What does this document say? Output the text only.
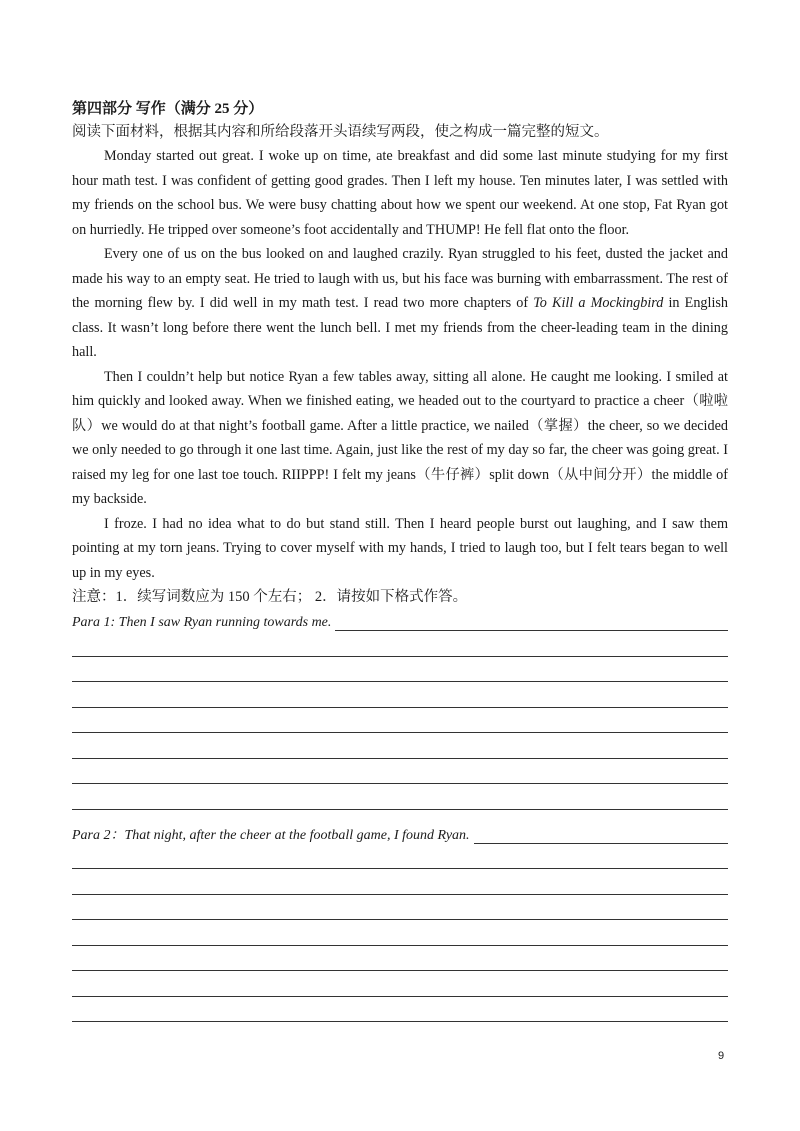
第四部分 写作（满分 25 分）
阅读下面材料，根据其内容和所给段落开头语续写两段，使之构成一篇完整的短文。

Monday started out great. I woke up on time, ate breakfast and did some last minute studying for my first hour math test. I was confident of getting good grades. Then I left my house. Ten minutes later, I was settled with my friends on the school bus. We were busy chatting about how we spent our weekend. At one stop, Fat Ryan got on hurriedly. He tripped over someone’s foot accidentally and THUMP! He fell flat onto the floor.

Every one of us on the bus looked on and laughed crazily. Ryan struggled to his feet, dusted the jacket and made his way to an empty seat. He tried to laugh with us, but his face was burning with embarrassment. The rest of the morning flew by. I did well in my math test. I read two more chapters of To Kill a Mockingbird in English class. It wasn’t long before there went the lunch bell. I met my friends from the cheer-leading team in the dining hall.

Then I couldn’t help but notice Ryan a few tables away, sitting all alone. He caught me looking. I smiled at him quickly and looked away. When we finished eating, we headed out to the courtyard to practice a cheer（啦啦队）we would do at that night’s football game. After a little practice, we nailed（掌握）the cheer, so we decided we only needed to go through it one last time. Again, just like the rest of my day so far, the cheer was going great. I raised my leg for one last toe touch. RIIPPP! I felt my jeans（牛仔裤）split down（从中间分开）the middle of my backside.

I froze. I had no idea what to do but stand still. Then I heard people burst out laughing, and I saw them pointing at my torn jeans. Trying to cover myself with my hands, I tried to laugh too, but I felt tears began to well up in my eyes.

注意：1．续写词数应为 150 个左右； 2．请按如下格式作答。
Para 1: Then I saw Ryan running towards me.
Para 2：That night, after the cheer at the football game, I found Ryan.
9
